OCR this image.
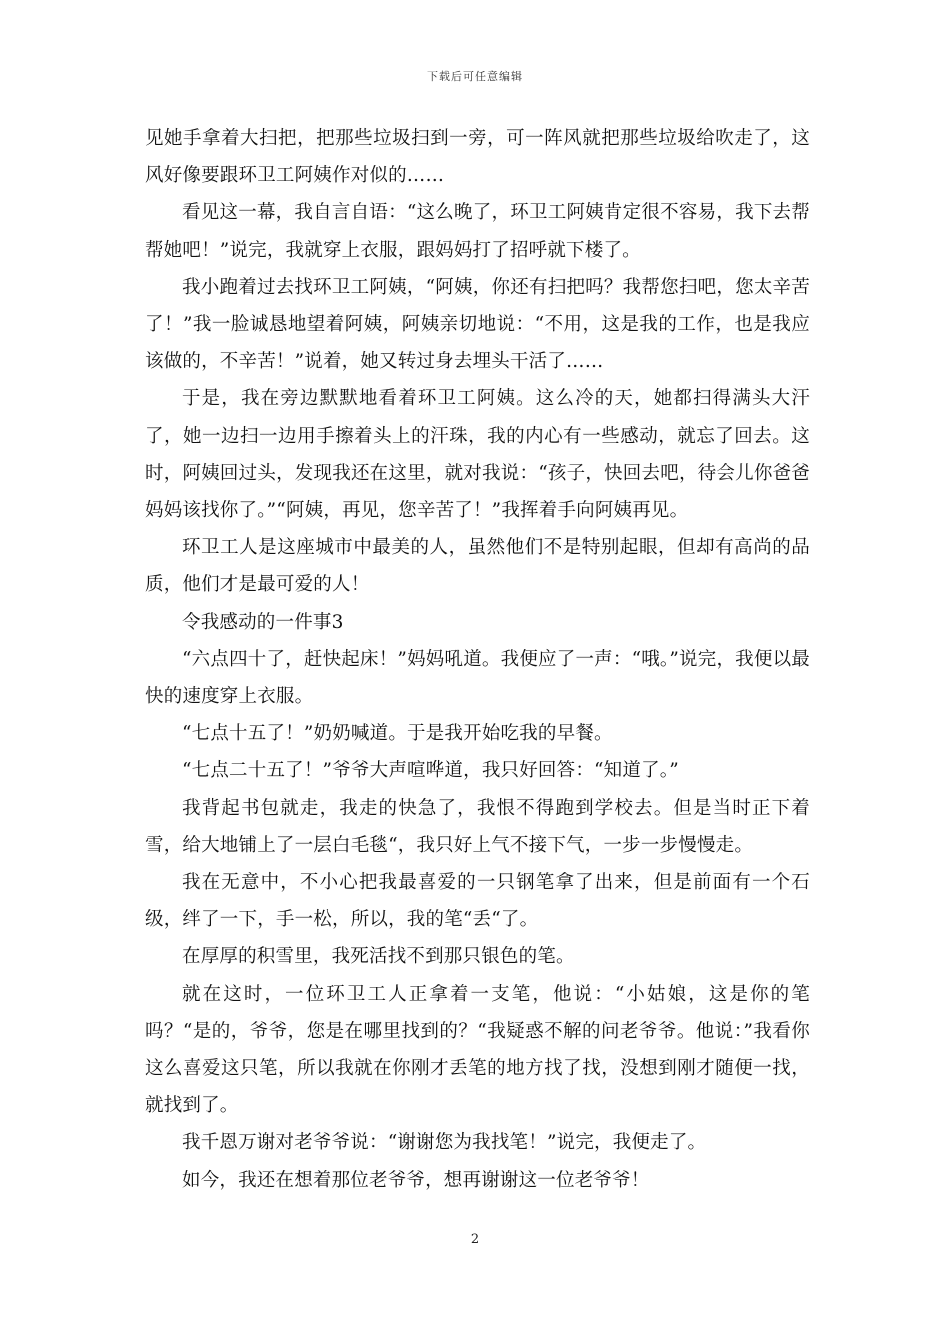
下载后可任意编辑

见她手拿着大扫把，把那些垃圾扫到一旁，可一阵风就把那些垃圾给吹走了，这风好像要跟环卫工阿姨作对似的……

看见这一幕，我自言自语：“这么晚了，环卫工阿姨肯定很不容易，我下去帮帮她吧！”说完，我就穿上衣服，跟妈妈打了招呼就下楼了。

我小跑着过去找环卫工阿姨，“阿姨，你还有扫把吗？我帮您扫吧，您太辛苦了！”我一脸诚恳地望着阿姨，阿姨亲切地说：“不用，这是我的工作，也是我应该做的，不辛苦！”说着，她又转过身去埋头干活了……

于是，我在旁边默默地看着环卫工阿姨。这么冷的天，她都扫得满头大汗了，她一边扫一边用手擦着头上的汗珠，我的内心有一些感动，就忘了回去。这时，阿姨回过头，发现我还在这里，就对我说：“孩子，快回去吧，待会儿你爸爸妈妈该找你了。”“阿姨，再见，您辛苦了！”我挥着手向阿姨再见。

环卫工人是这座城市中最美的人，虽然他们不是特别起眼，但却有高尚的品质，他们才是最可爱的人！

令我感动的一件事3

“六点四十了，赶快起床！”妈妈吼道。我便应了一声：“哦。”说完，我便以最快的速度穿上衣服。

“七点十五了！”奶奶喊道。于是我开始吃我的早餐。

“七点二十五了！”爷爷大声喧哗道，我只好回答：“知道了。”

我背起书包就走，我走的快急了，我恨不得跑到学校去。但是当时正下着雪，给大地铺上了一层白毛毯“，我只好上气不接下气，一步一步慢慢走。

我在无意中，不小心把我最喜爱的一只钢笔拿了出来，但是前面有一个石级，绊了一下，手一松，所以，我的笔“丢“了。

在厚厚的积雪里，我死活找不到那只银色的笔。

就在这时，一位环卫工人正拿着一支笔，他说：“小姑娘，这是你的笔吗？“是的，爷爷，您是在哪里找到的？“我疑惑不解的问老爷爷。他说：”我看你这么喜爱这只笔，所以我就在你刚才丢笔的地方找了找，没想到刚才随便一找，就找到了。

我千恩万谢对老爷爷说：“谢谢您为我找笔！”说完，我便走了。

如今，我还在想着那位老爷爷，想再谢谢这一位老爷爷！

2
